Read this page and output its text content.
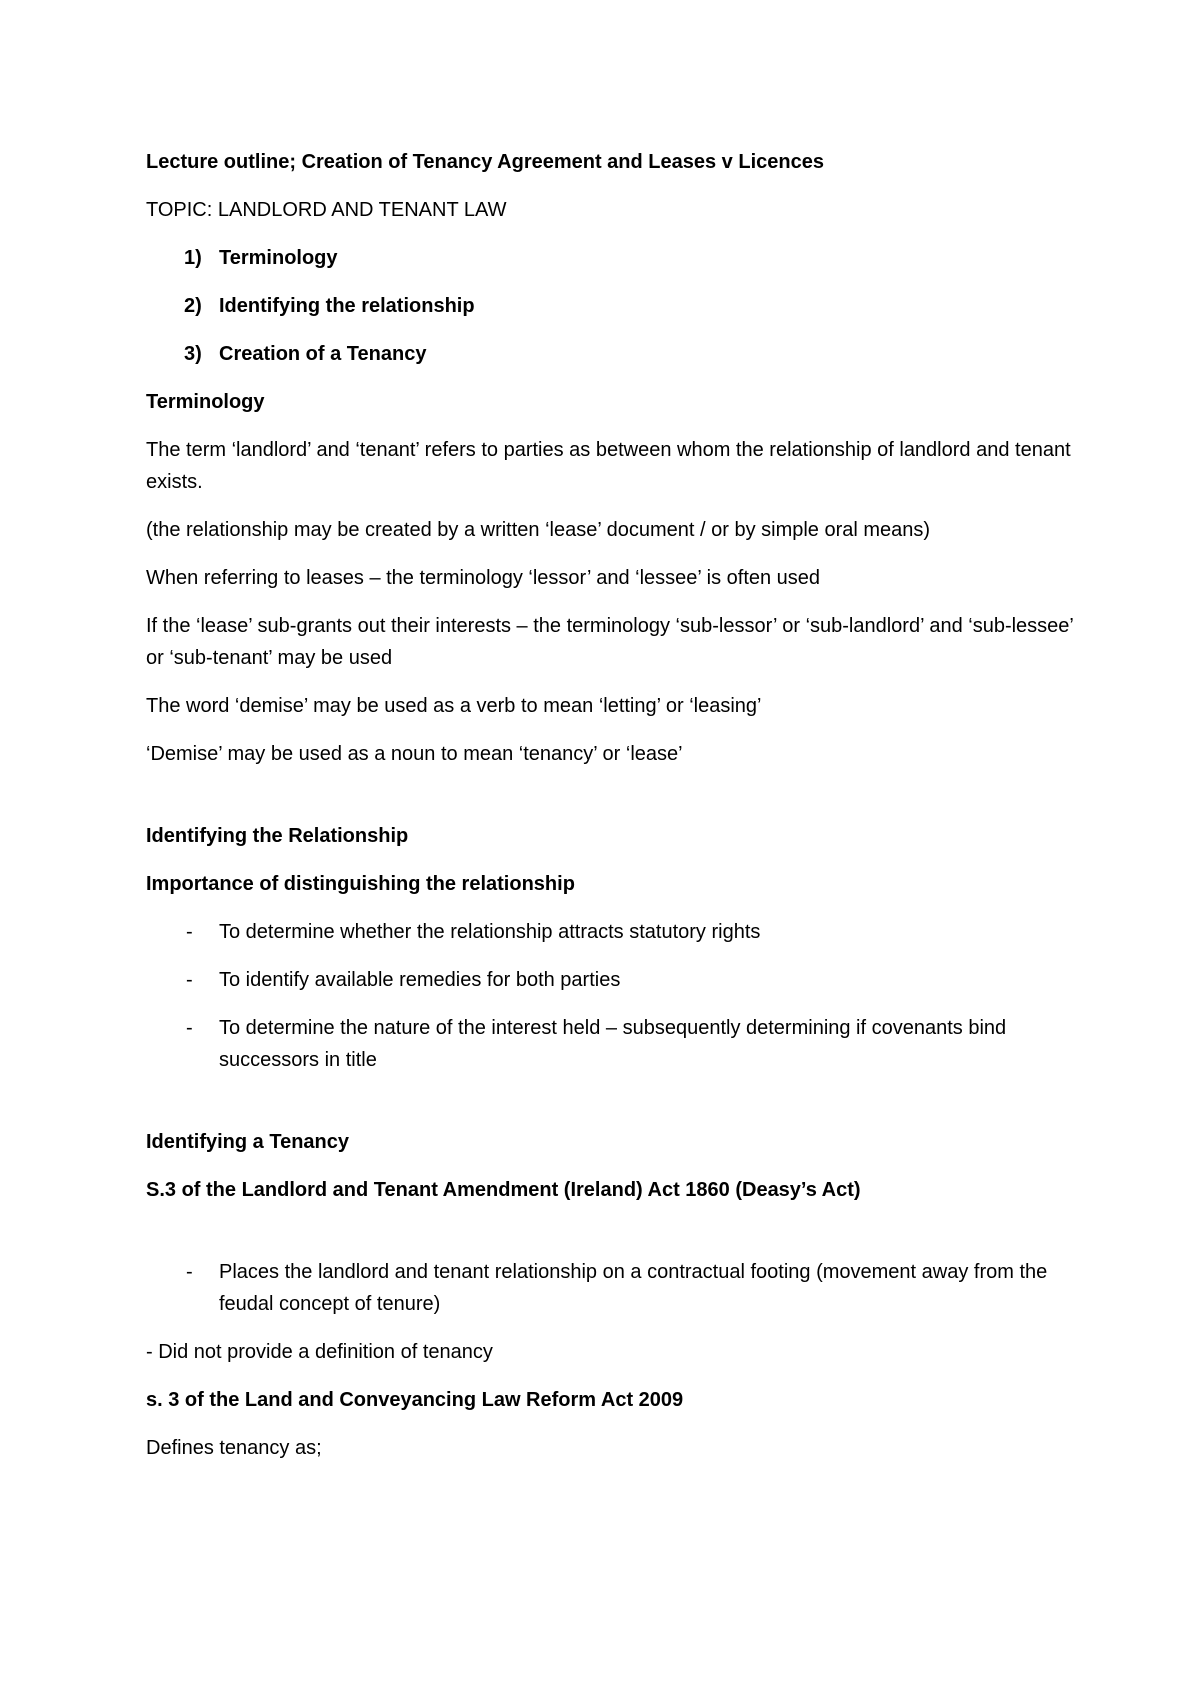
Lecture outline; Creation of Tenancy Agreement and Leases v Licences

TOPIC: LANDLORD AND TENANT LAW

1) Terminology
2) Identifying the relationship
3) Creation of a Tenancy

Terminology

The term ‘landlord’ and ‘tenant’ refers to parties as between whom the relationship of landlord and tenant exists.

(the relationship may be created by a written ‘lease’ document / or by simple oral means)

When referring to leases – the terminology ‘lessor’ and ‘lessee’ is often used

If the ‘lease’ sub-grants out their interests – the terminology ‘sub-lessor’ or ‘sub-landlord’ and ‘sub-lessee’ or ‘sub-tenant’ may be used

The word ‘demise’ may be used as a verb to mean ‘letting’ or ‘leasing’

‘Demise’ may be used as a noun to mean ‘tenancy’ or ‘lease’

Identifying the Relationship

Importance of distinguishing the relationship

-	To determine whether the relationship attracts statutory rights
-	To identify available remedies for both parties
-	To determine the nature of the interest held – subsequently determining if covenants bind successors in title

Identifying a Tenancy

S.3 of the Landlord and Tenant Amendment (Ireland) Act 1860 (Deasy’s Act)

-	Places the landlord and tenant relationship on a contractual footing (movement away from the feudal concept of tenure)

- Did not provide a definition of tenancy

s. 3 of the Land and Conveyancing Law Reform Act 2009

Defines tenancy as;
